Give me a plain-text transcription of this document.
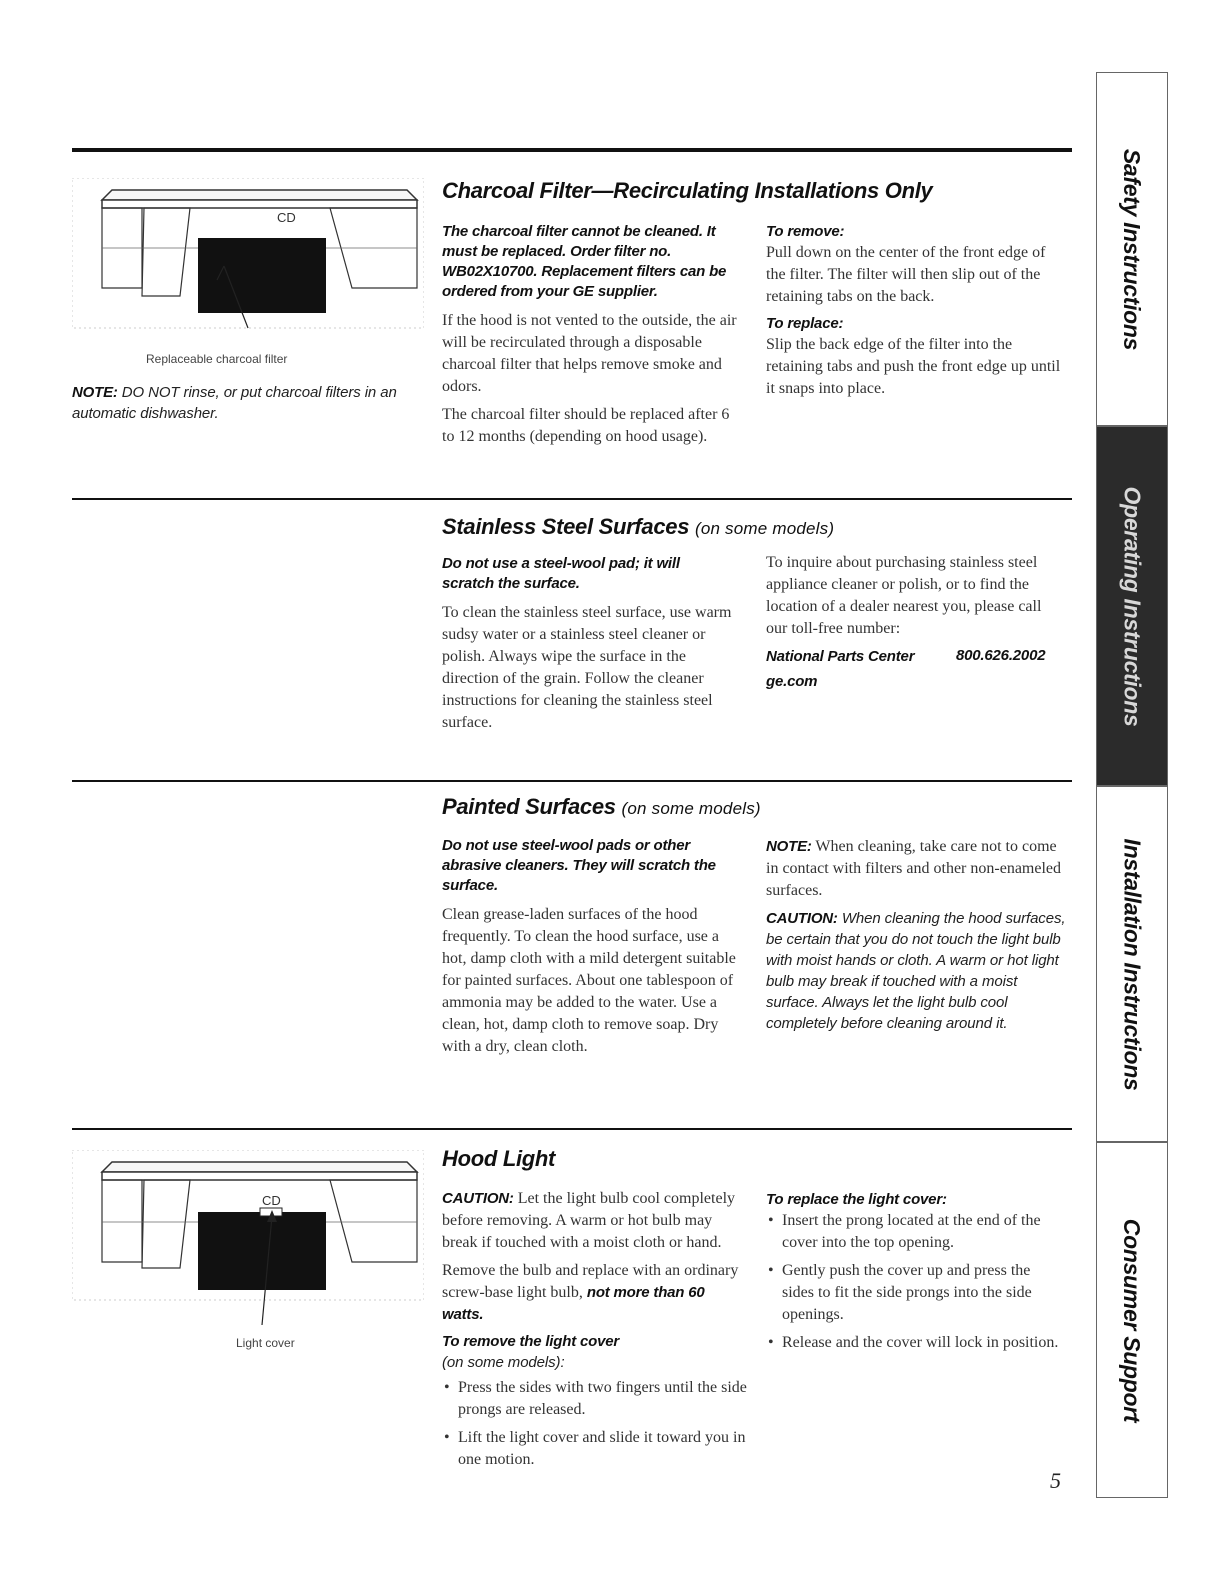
Safety Instructions
Operating Instructions
Installation Instructions
Consumer Support
CD
Replaceable charcoal filter
NOTE: DO NOT rinse, or put charcoal filters in an automatic dishwasher.
Charcoal Filter—Recirculating Installations Only

The charcoal filter cannot be cleaned. It must be replaced. Order filter no. WB02X10700. Replacement filters can be ordered from your GE supplier.

If the hood is not vented to the outside, the air will be recirculated through a disposable charcoal filter that helps remove smoke and odors.

The charcoal filter should be replaced after 6 to 12 months (depending on hood usage).

To remove:

Pull down on the center of the front edge of the filter. The filter will then slip out of the retaining tabs on the back.

To replace:

Slip the back edge of the filter into the retaining tabs and push the front edge up until it snaps into place.

Stainless Steel Surfaces (on some models)

Do not use a steel-wool pad; it will scratch the surface.

To clean the stainless steel surface, use warm sudsy water or a stainless steel cleaner or polish. Always wipe the surface in the direction of the grain. Follow the cleaner instructions for cleaning the stainless steel surface.

To inquire about purchasing stainless steel appliance cleaner or polish, or to find the location of a dealer nearest you, please call our toll-free number:

National Parts Center	800.626.2002
ge.com
Painted Surfaces (on some models)

Do not use steel-wool pads or other abrasive cleaners. They will scratch the surface.

Clean grease-laden surfaces of the hood frequently. To clean the hood surface, use a hot, damp cloth with a mild detergent suitable for painted surfaces. About one tablespoon of ammonia may be added to the water. Use a clean, hot, damp cloth to remove soap. Dry with a dry, clean cloth.

NOTE: When cleaning, take care not to come in contact with filters and other non-enameled surfaces.

CAUTION: When cleaning the hood surfaces, be certain that you do not touch the light bulb with moist hands or cloth. A warm or hot light bulb may break if touched with a moist surface. Always let the light bulb cool completely before cleaning around it.
CD
Light cover
Hood Light

CAUTION: Let the light bulb cool completely before removing. A warm or hot bulb may break if touched with a moist cloth or hand.

Remove the bulb and replace with an ordinary screw-base light bulb, not more than 60 watts.

To remove the light cover
(on some models):
• Press the sides with two fingers until the side prongs are released.
• Lift the light cover and slide it toward you in one motion.
To replace the light cover:
• Insert the prong located at the end of the cover into the top opening.
• Gently push the cover up and press the sides to fit the side prongs into the side openings.
• Release and the cover will lock in position.
5
